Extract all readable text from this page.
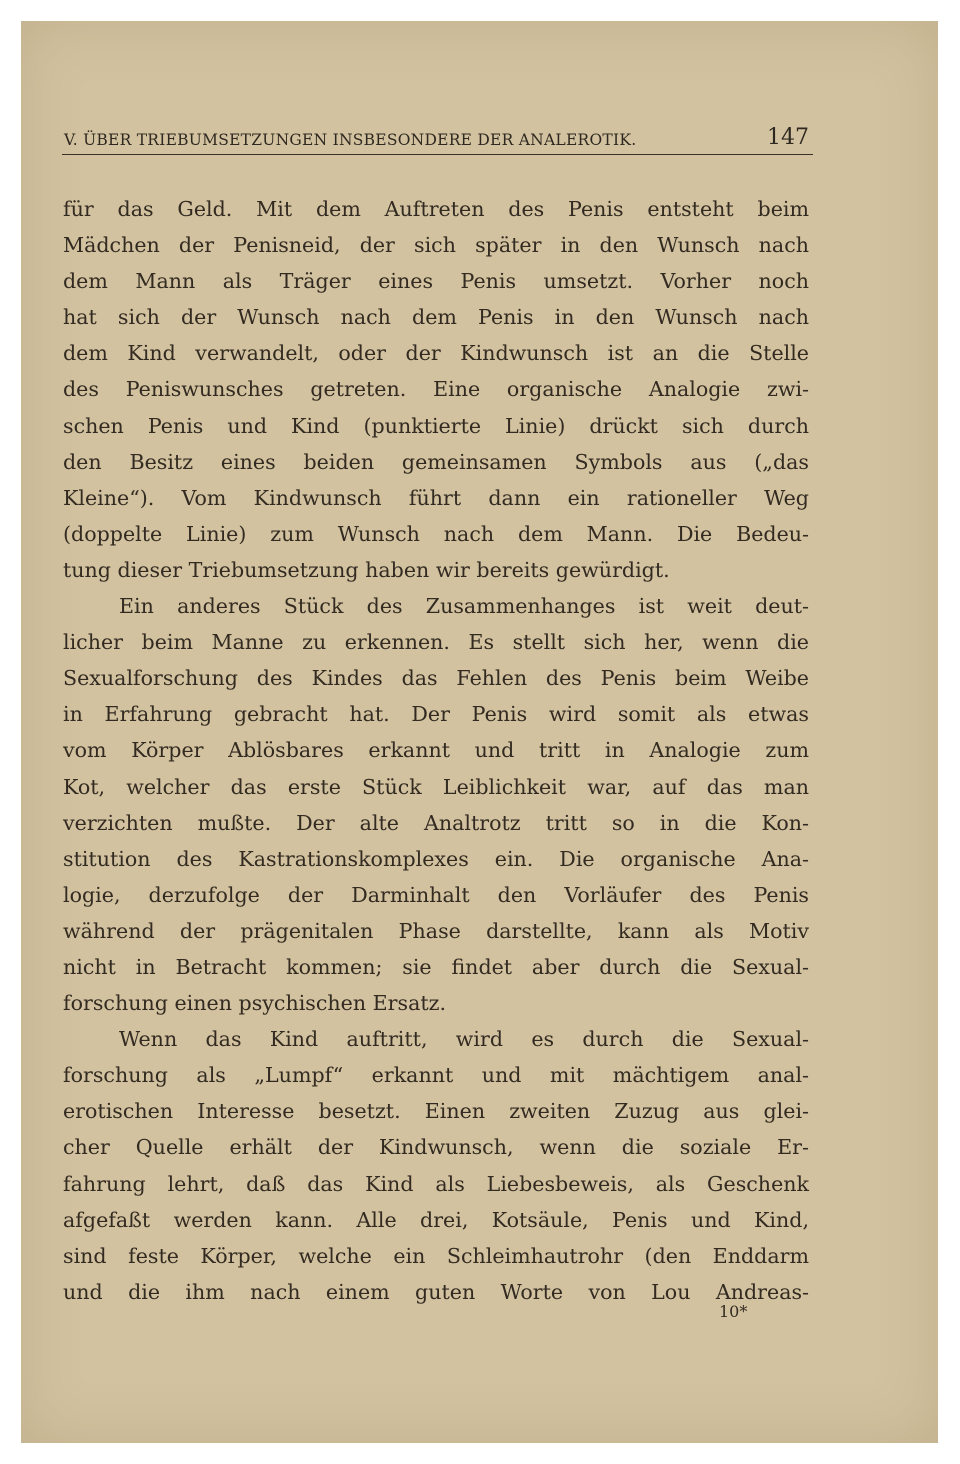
V. ÜBER TRIEBUMSETZUNGEN INSBESONDERE DER ANALEROTIK.	147
für das Geld. Mit dem Auftreten des Penis entsteht beim
Mädchen der Penisneid, der sich später in den Wunsch nach
dem Mann als Träger eines Penis umsetzt. Vorher noch
hat sich der Wunsch nach dem Penis in den Wunsch nach
dem Kind verwandelt, oder der Kindwunsch ist an die Stelle
des Peniswunsches getreten. Eine organische Analogie zwi-
schen Penis und Kind (punktierte Linie) drückt sich durch
den Besitz eines beiden gemeinsamen Symbols aus („das
Kleine“). Vom Kindwunsch führt dann ein rationeller Weg
(doppelte Linie) zum Wunsch nach dem Mann. Die Bedeu-
tung dieser Triebumsetzung haben wir bereits gewürdigt.
Ein anderes Stück des Zusammenhanges ist weit deut-
licher beim Manne zu erkennen. Es stellt sich her, wenn die
Sexualforschung des Kindes das Fehlen des Penis beim Weibe
in Erfahrung gebracht hat. Der Penis wird somit als etwas
vom Körper Ablösbares erkannt und tritt in Analogie zum
Kot, welcher das erste Stück Leiblichkeit war, auf das man
verzichten mußte. Der alte Analtrotz tritt so in die Kon-
stitution des Kastrationskomplexes ein. Die organische Ana-
logie, derzufolge der Darminhalt den Vorläufer des Penis
während der prägenitalen Phase darstellte, kann als Motiv
nicht in Betracht kommen; sie findet aber durch die Sexual-
forschung einen psychischen Ersatz.
Wenn das Kind auftritt, wird es durch die Sexual-
forschung als „Lumpf“ erkannt und mit mächtigem anal-
erotischen Interesse besetzt. Einen zweiten Zuzug aus glei-
cher Quelle erhält der Kindwunsch, wenn die soziale Er-
fahrung lehrt, daß das Kind als Liebesbeweis, als Geschenk
afgefaßt werden kann. Alle drei, Kotsäule, Penis und Kind,
sind feste Körper, welche ein Schleimhautrohr (den Enddarm
und die ihm nach einem guten Worte von Lou Andreas-
10*
